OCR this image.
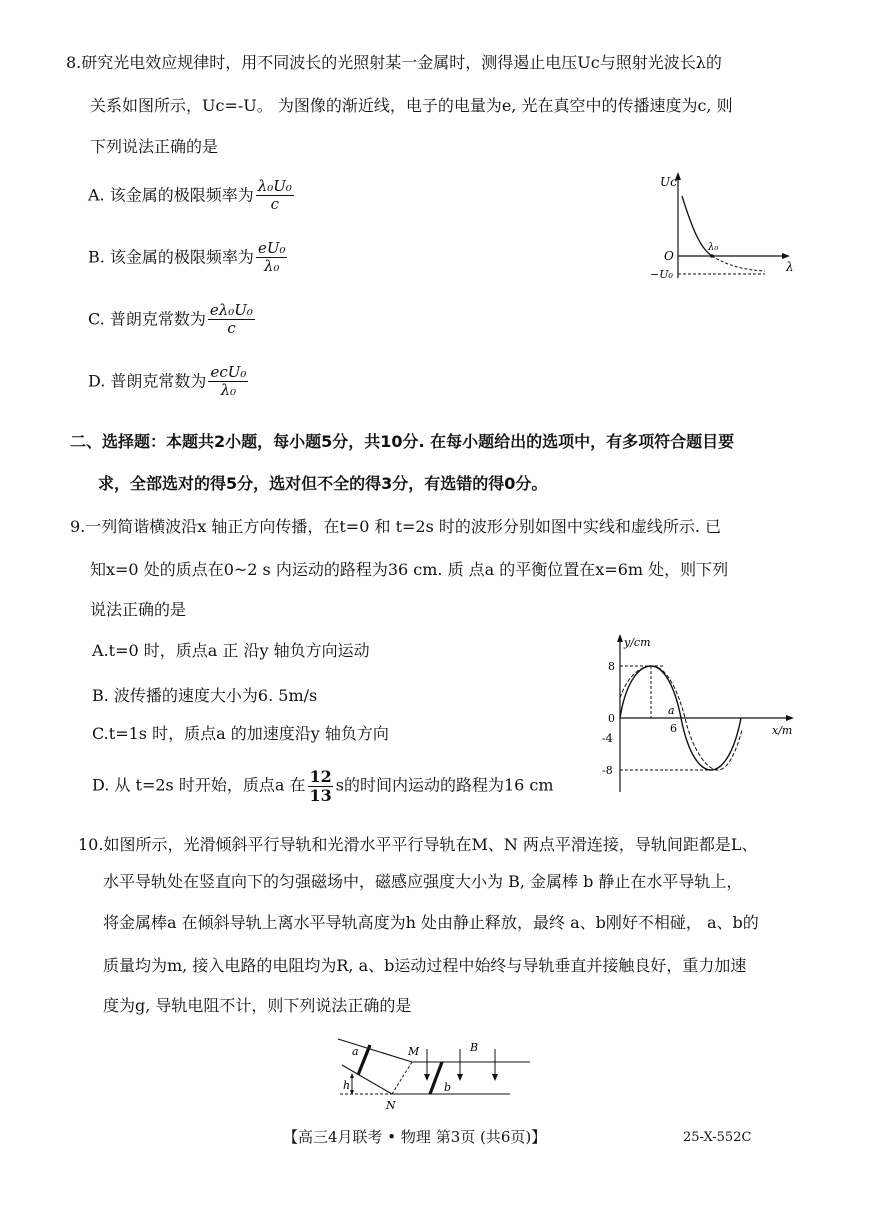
8.研究光电效应规律时，用不同波长的光照射某一金属时，测得遏止电压Uc与照射光波长λ的
关系如图所示，Uc=-U。 为图像的渐近线，电子的电量为e, 光在真空中的传播速度为c, 则
下列说法正确的是
A. 该金属的极限频率为 $\frac{\text{λ₀U₀}}{c}$
B. 该金属的极限频率为 $\frac{\text{eU₀}}{\text{λ₀}}$
C. 普朗克常数为 $\frac{\text{eλ₀U₀}}{c}$
D. 普朗克常数为 $\frac{\text{ecU₀}}{\text{λ₀}}$
Uc
O
λ₀
−U₀
λ
二、选择题：本题共2小题，每小题5分，共10分. 在每小题给出的选项中，有多项符合题目要
求，全部选对的得5分，选对但不全的得3分，有选错的得0分。
9.一列简谐横波沿x 轴正方向传播，在t=0 和 t=2s 时的波形分别如图中实线和虚线所示. 已
知x=0 处的质点在0~2 s 内运动的路程为36 cm. 质 点a 的平衡位置在x=6m 处，则下列
说法正确的是
A.t=0 时，质点a 正 沿y 轴负方向运动
B. 波传播的速度大小为6. 5m/s
C.t=1s 时，质点a 的加速度沿y 轴负方向
D. 从 t=2s 时开始，质点a 在 $\frac{12}{13}$ s的时间内运动的路程为16 cm
y/cm
8
0
-4
-8
a
6	x/m
10.如图所示，光滑倾斜平行导轨和光滑水平平行导轨在M、N 两点平滑连接，导轨间距都是L、
水平导轨处在竖直向下的匀强磁场中，磁感应强度大小为 B, 金属棒 b 静止在水平导轨上，
将金属棒a 在倾斜导轨上离水平导轨高度为h 处由静止释放，最终 a、b刚好不相碰， a、b的
质量均为m, 接入电路的电阻均为R, a、b运动过程中始终与导轨垂直并接触良好，重力加速
度为g, 导轨电阻不计，则下列说法正确的是
a	M	B
b
h
N
【高三4月联考 • 物理 第3页 (共6页)】	25-X-552C
